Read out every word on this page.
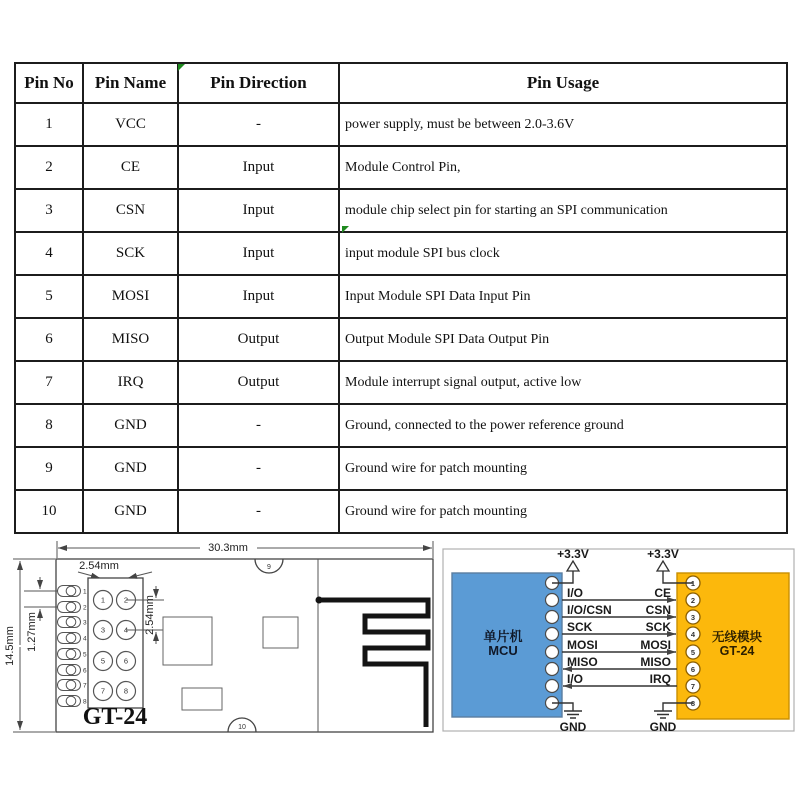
Pin No	Pin Name	Pin Direction	Pin Usage
1	VCC	-	power supply, must be between 2.0-3.6V
2	CE	Input	Module Control Pin,
3	CSN	Input	module chip select pin for starting an SPI communication
4	SCK	Input	input module SPI bus clock
5	MOSI	Input	Input Module SPI Data Input Pin
6	MISO	Output	Output Module SPI Data Output Pin
7	IRQ	Output	Module interrupt signal output, active low
8	GND	-	Ground, connected to the power reference ground
9	GND	-	Ground wire for patch mounting
10	GND	-	Ground wire for patch mounting
30.3mm
14.5mm
1
2
3
4
5
6
7
8
1	2
3	4
5	6
7	8
2.54mm
2.54mm
1.27mm
9
10
GT-24
单片机
MCU
无线模块
GT-24
1
2
3
4
5
6
7
8
+3.3V	+3.3V
I/O
I/O/CSN
SCK
MOSI
MISO
I/O
CE
CSN
SCK
MOSI
MISO
IRQ
GND	GND
